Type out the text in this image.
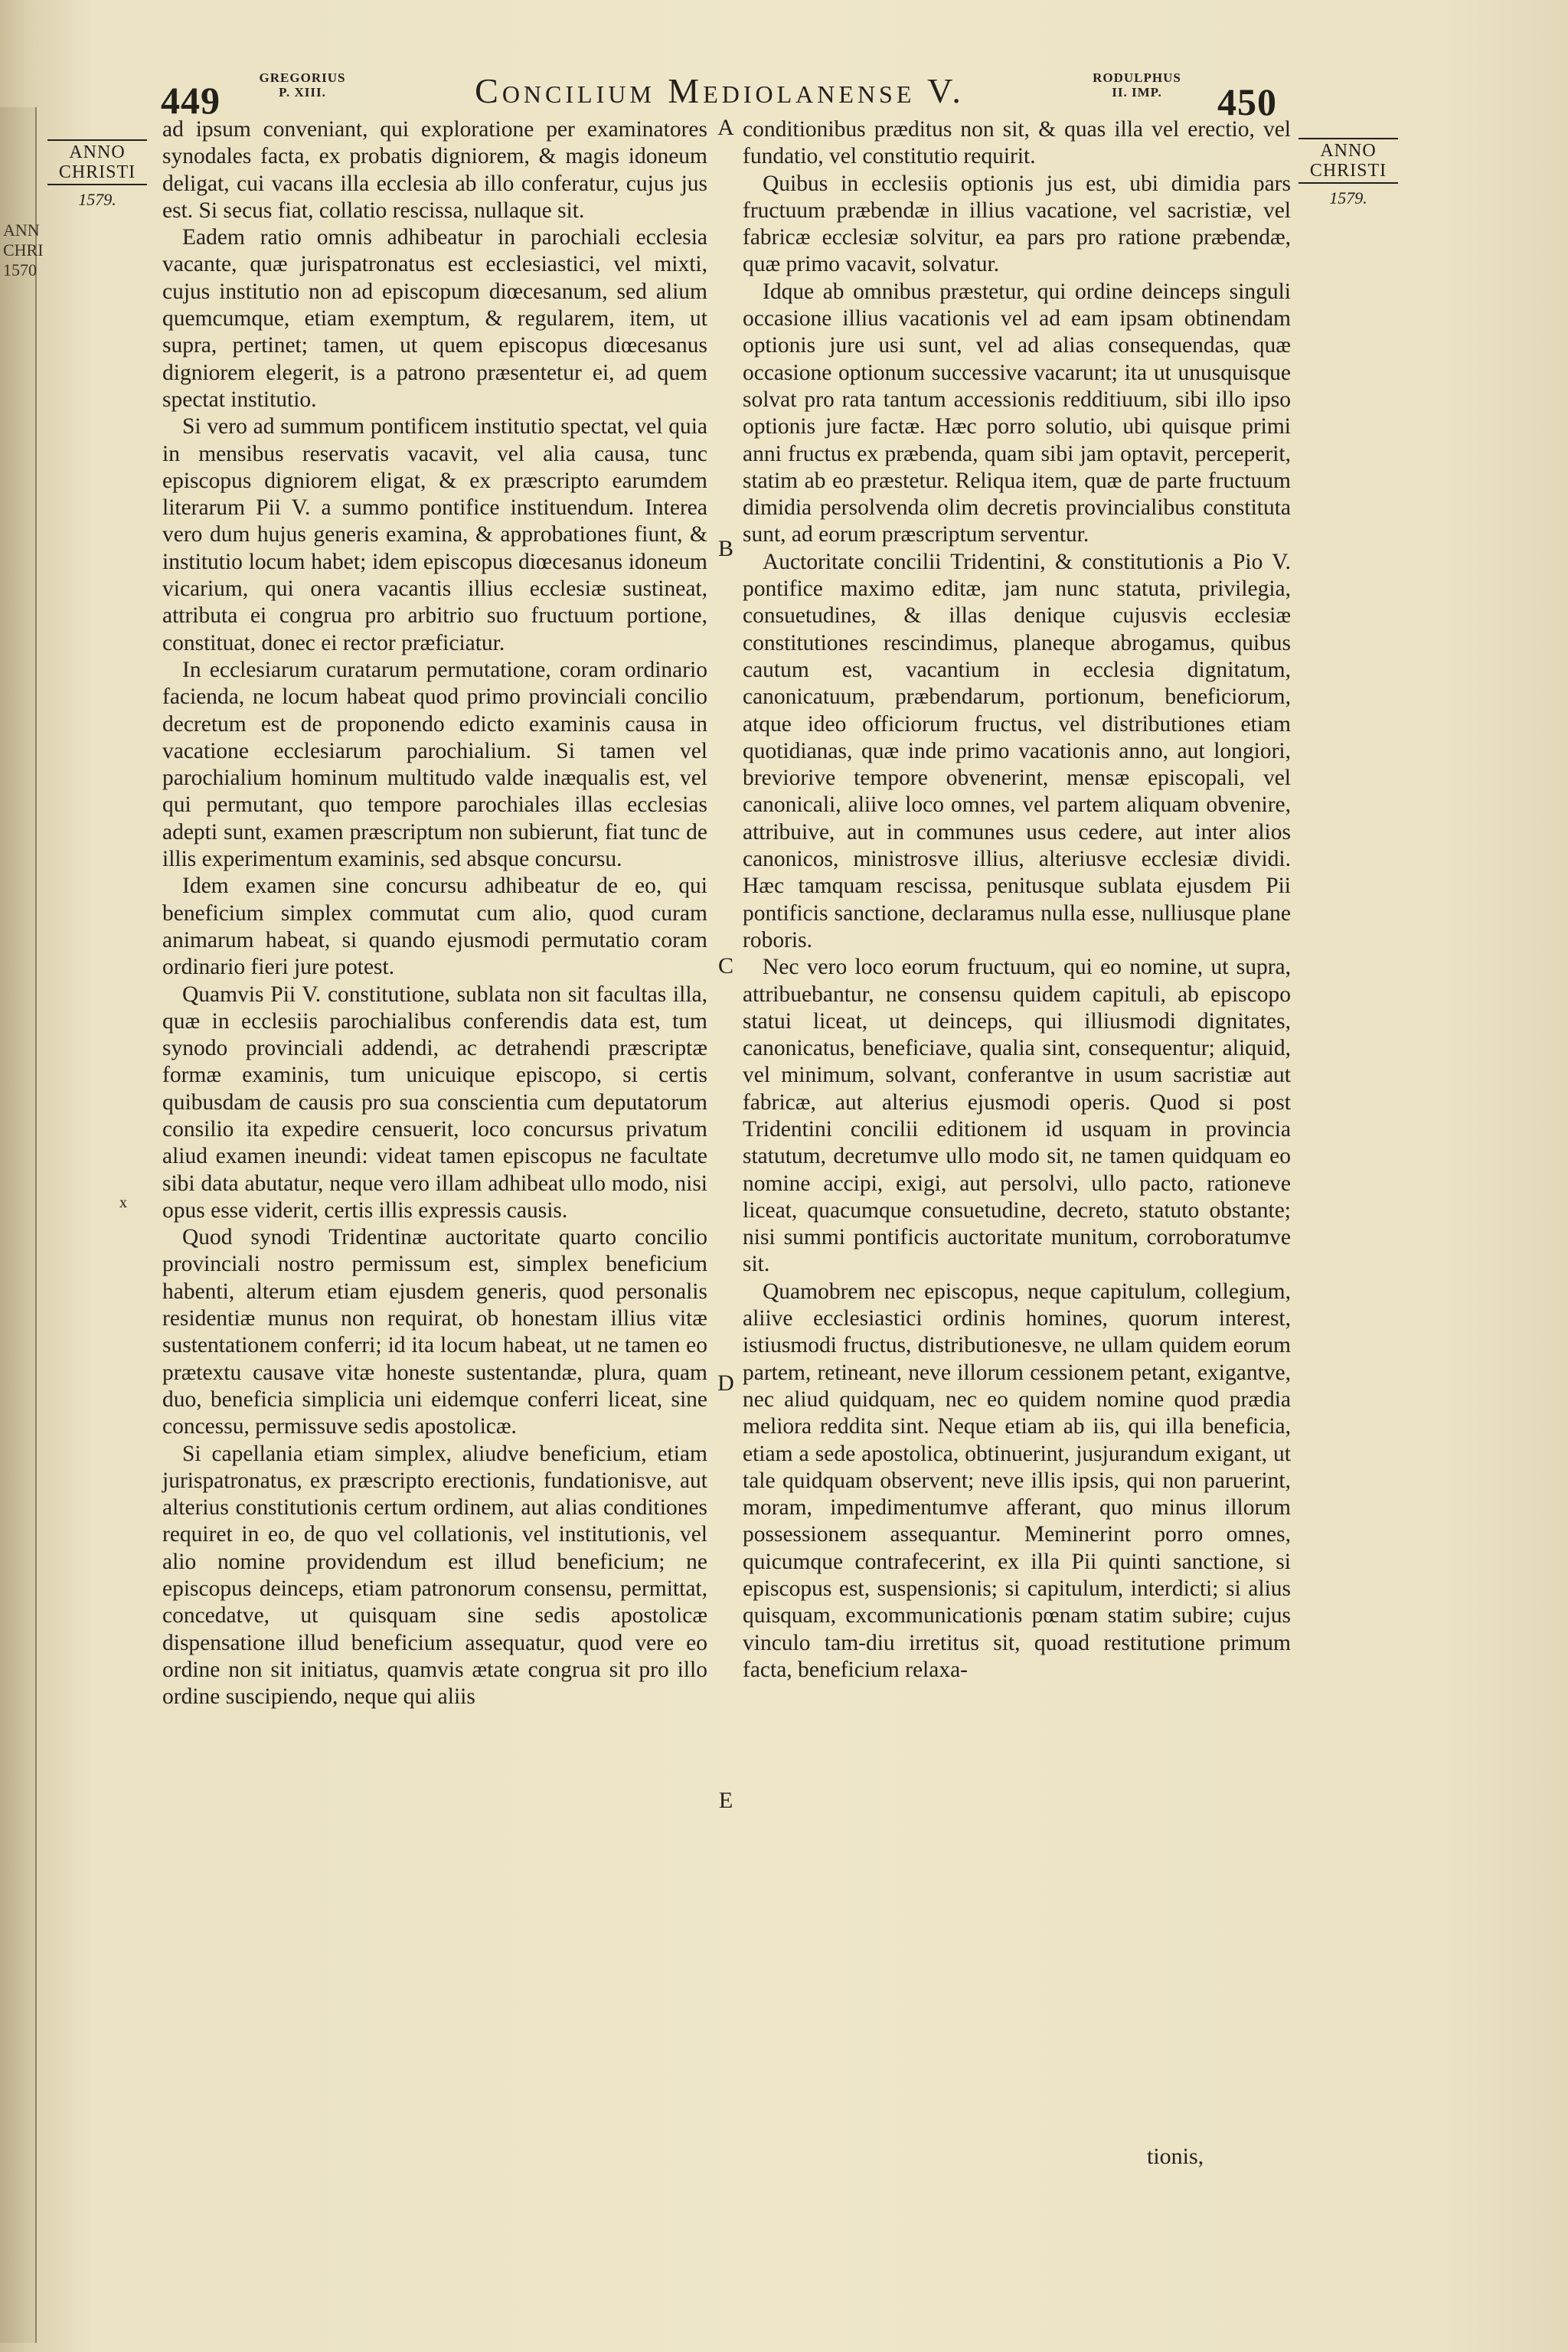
ANN CHRI 1570
449
GREGORIUS P. XIII.	Concilium Mediolanense V.	RODULPHUS II. IMP.	450
ANNO CHRISTI
1579.
ANNO CHRISTI
1579.

ad ipsum conveniant, qui exploratione per examinatores synodales facta, ex probatis digniorem, & magis idoneum deligat, cui vacans illa ecclesia ab illo conferatur, cujus jus est. Si secus fiat, collatio rescissa, nullaque sit.

Eadem ratio omnis adhibeatur in parochiali ecclesia vacante, quæ jurispatronatus est ecclesiastici, vel mixti, cujus institutio non ad episcopum diœcesanum, sed alium quemcumque, etiam exemptum, & regularem, item, ut supra, pertinet; tamen, ut quem episcopus diœcesanus digniorem elegerit, is a patrono præsentetur ei, ad quem spectat institutio.

Si vero ad summum pontificem institutio spectat, vel quia in mensibus reservatis vacavit, vel alia causa, tunc episcopus digniorem eligat, & ex præscripto earumdem literarum Pii V. a summo pontifice instituendum. Interea vero dum hujus generis examina, & approbationes fiunt, & institutio locum habet; idem episcopus diœcesanus idoneum vicarium, qui onera vacantis illius ecclesiæ sustineat, attributa ei congrua pro arbitrio suo fructuum portione, constituat, donec ei rector præficiatur.

In ecclesiarum curatarum permutatione, coram ordinario facienda, ne locum habeat quod primo provinciali concilio decretum est de proponendo edicto examinis causa in vacatione ecclesiarum parochialium. Si tamen vel parochialium hominum multitudo valde inæqualis est, vel qui permutant, quo tempore parochiales illas ecclesias adepti sunt, examen præscriptum non subierunt, fiat tunc de illis experimentum examinis, sed absque concursu.

Idem examen sine concursu adhibeatur de eo, qui beneficium simplex commutat cum alio, quod curam animarum habeat, si quando ejusmodi permutatio coram ordinario fieri jure potest.

Quamvis Pii V. constitutione, sublata non sit facultas illa, quæ in ecclesiis parochialibus conferendis data est, tum synodo provinciali addendi, ac detrahendi præscriptæ formæ examinis, tum unicuique episcopo, si certis quibusdam de causis pro sua conscientia cum deputatorum consilio ita expedire censuerit, loco concursus privatum aliud examen ineundi: videat tamen episcopus ne facultate sibi data abutatur, neque vero illam adhibeat ullo modo, nisi opus esse viderit, certis illis expressis causis.

Quod synodi Tridentinæ auctoritate quarto concilio provinciali nostro permissum est, simplex beneficium habenti, alterum etiam ejusdem generis, quod personalis residentiæ munus non requirat, ob honestam illius vitæ sustentationem conferri; id ita locum habeat, ut ne tamen eo prætextu causave vitæ honeste sustentandæ, plura, quam duo, beneficia simplicia uni eidemque conferri liceat, sine concessu, permissuve sedis apostolicæ.

Si capellania etiam simplex, aliudve beneficium, etiam jurispatronatus, ex præscripto erectionis, fundationisve, aut alterius constitutionis certum ordinem, aut alias conditiones requiret in eo, de quo vel collationis, vel institutionis, vel alio nomine providendum est illud beneficium; ne episcopus deinceps, etiam patronorum consensu, permittat, concedatve, ut quisquam sine sedis apostolicæ dispensatione illud beneficium assequatur, quod vere eo ordine non sit initiatus, quamvis ætate congrua sit pro illo ordine suscipiendo, neque qui aliis

conditionibus præditus non sit, & quas illa vel erectio, vel fundatio, vel constitutio requirit.

Quibus in ecclesiis optionis jus est, ubi dimidia pars fructuum præbendæ in illius vacatione, vel sacristiæ, vel fabricæ ecclesiæ solvitur, ea pars pro ratione præbendæ, quæ primo vacavit, solvatur.

Idque ab omnibus præstetur, qui ordine deinceps singuli occasione illius vacationis vel ad eam ipsam obtinendam optionis jure usi sunt, vel ad alias consequendas, quæ occasione optionum successive vacarunt; ita ut unusquisque solvat pro rata tantum accessionis redditiuum, sibi illo ipso optionis jure factæ. Hæc porro solutio, ubi quisque primi anni fructus ex præbenda, quam sibi jam optavit, perceperit, statim ab eo præstetur. Reliqua item, quæ de parte fructuum dimidia persolvenda olim decretis provincialibus constituta sunt, ad eorum præscriptum serventur.

Auctoritate concilii Tridentini, & constitutionis a Pio V. pontifice maximo editæ, jam nunc statuta, privilegia, consuetudines, & illas denique cujusvis ecclesiæ constitutiones rescindimus, planeque abrogamus, quibus cautum est, vacantium in ecclesia dignitatum, canonicatuum, præbendarum, portionum, beneficiorum, atque ideo officiorum fructus, vel distributiones etiam quotidianas, quæ inde primo vacationis anno, aut longiori, breviorive tempore obvenerint, mensæ episcopali, vel canonicali, aliive loco omnes, vel partem aliquam obvenire, attribuive, aut in communes usus cedere, aut inter alios canonicos, ministrosve illius, alteriusve ecclesiæ dividi. Hæc tamquam rescissa, penitusque sublata ejusdem Pii pontificis sanctione, declaramus nulla esse, nulliusque plane roboris.

Nec vero loco eorum fructuum, qui eo nomine, ut supra, attribuebantur, ne consensu quidem capituli, ab episcopo statui liceat, ut deinceps, qui illiusmodi dignitates, canonicatus, beneficiave, qualia sint, consequentur; aliquid, vel minimum, solvant, conferantve in usum sacristiæ aut fabricæ, aut alterius ejusmodi operis. Quod si post Tridentini concilii editionem id usquam in provincia statutum, decretumve ullo modo sit, ne tamen quidquam eo nomine accipi, exigi, aut persolvi, ullo pacto, rationeve liceat, quacumque consuetudine, decreto, statuto obstante; nisi summi pontificis auctoritate munitum, corroboratumve sit.

Quamobrem nec episcopus, neque capitulum, collegium, aliive ecclesiastici ordinis homines, quorum interest, istiusmodi fructus, distributionesve, ne ullam quidem eorum partem, retineant, neve illorum cessionem petant, exigantve, nec aliud quidquam, nec eo quidem nomine quod prædia meliora reddita sint. Neque etiam ab iis, qui illa beneficia, etiam a sede apostolica, obtinuerint, jusjurandum exigant, ut tale quidquam observent; neve illis ipsis, qui non paruerint, moram, impedimentumve afferant, quo minus illorum possessionem assequantur. Meminerint porro omnes, quicumque contrafecerint, ex illa Pii quinti sanctione, si episcopus est, suspensionis; si capitulum, interdicti; si alius quisquam, excommunicationis pœnam statim subire; cujus vinculo tam-diu irretitus sit, quoad restitutione primum facta, beneficium relaxa-

A
B
C
D
E
x
tionis,
